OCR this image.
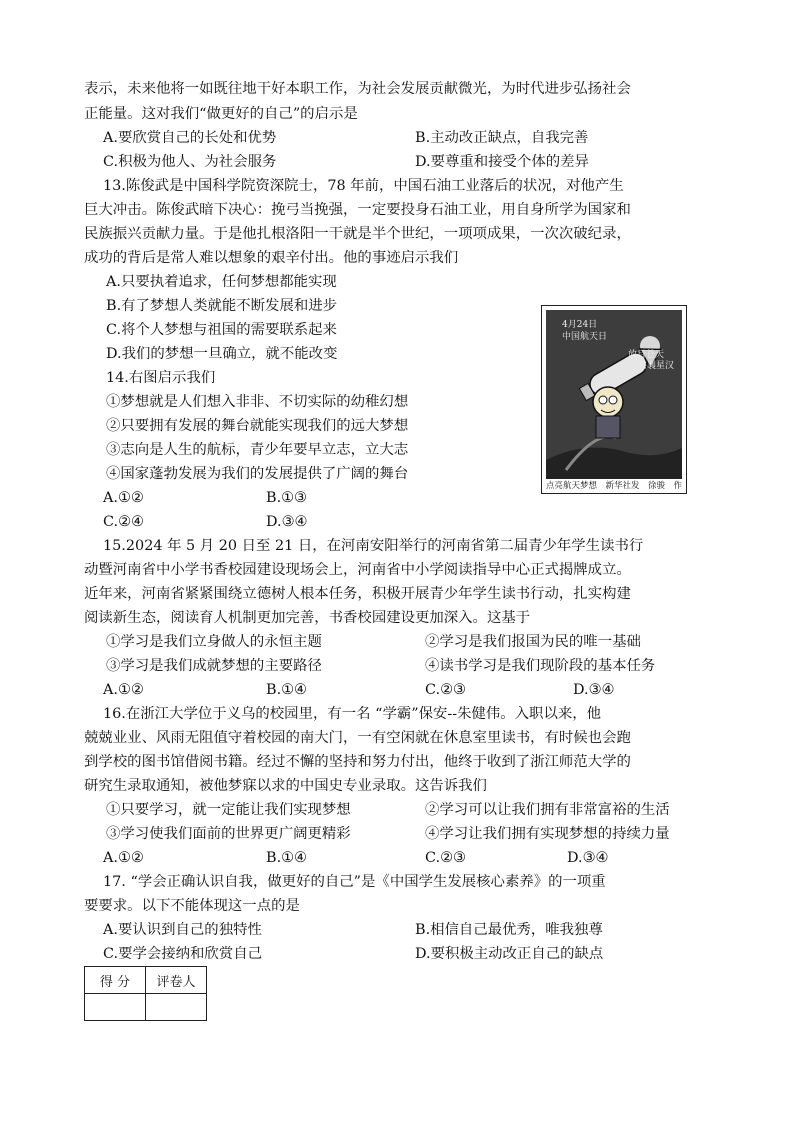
表示，未来他将一如既往地干好本职工作，为社会发展贡献微光，为时代进步弘扬社会
正能量。这对我们“做更好的自己”的启示是
A.要欣赏自己的长处和优势	B.主动改正缺点，自我完善
C.积极为他人、为社会服务	D.要尊重和接受个体的差异
13.陈俊武是中国科学院资深院士，78 年前，中国石油工业落后的状况，对他产生
巨大冲击。陈俊武暗下决心：挽弓当挽强，一定要投身石油工业，用自身所学为国家和
民族振兴贡献力量。于是他扎根洛阳一干就是半个世纪，一项项成果，一次次破纪录，
成功的背后是常人难以想象的艰辛付出。他的事迹启示我们
A.只要执着追求，任何梦想都能实现
B.有了梦想人类就能不断发展和进步
C.将个人梦想与祖国的需要联系起来
D.我们的梦想一旦确立，就不能改变
14.右图启示我们
①梦想就是人们想入非非、不切实际的幼稚幻想
②只要拥有发展的舞台就能实现我们的远大梦想
③志向是人生的航标，青少年要早立志，立大志
④国家蓬勃发展为我们的发展提供了广阔的舞台
A.①②	B.①③
C.②④	D.③④
4月24日
中国航天日
放目苍天
共襄星汉
点亮航天梦想　新华社发　徐骏　作
15.2024 年 5 月 20 日至 21 日，在河南安阳举行的河南省第二届青少年学生读书行
动暨河南省中小学书香校园建设现场会上，河南省中小学阅读指导中心正式揭牌成立。
近年来，河南省紧紧围绕立德树人根本任务，积极开展青少年学生读书行动，扎实构建
阅读新生态，阅读育人机制更加完善，书香校园建设更加深入。这基于
①学习是我们立身做人的永恒主题	②学习是我们报国为民的唯一基础
③学习是我们成就梦想的主要路径	④读书学习是我们现阶段的基本任务
A.①②	B.①④	C.②③	D.③④
16.在浙江大学位于义乌的校园里，有一名 “学霸”保安--朱健伟。入职以来，他
兢兢业业、风雨无阻值守着校园的南大门，一有空闲就在休息室里读书，有时候也会跑
到学校的图书馆借阅书籍。经过不懈的坚持和努力付出，他终于收到了浙江师范大学的
研究生录取通知，被他梦寐以求的中国史专业录取。这告诉我们
①只要学习，就一定能让我们实现梦想	②学习可以让我们拥有非常富裕的生活
③学习使我们面前的世界更广阔更精彩	④学习让我们拥有实现梦想的持续力量
A.①②	B.①④	C.②③	D.③④
17. “学会正确认识自我，做更好的自己”是《中国学生发展核心素养》的一项重
要要求。以下不能体现这一点的是
A.要认识到自己的独特性	B.相信自己最优秀，唯我独尊
C.要学会接纳和欣赏自己	D.要积极主动改正自己的缺点
得 分	评卷人
